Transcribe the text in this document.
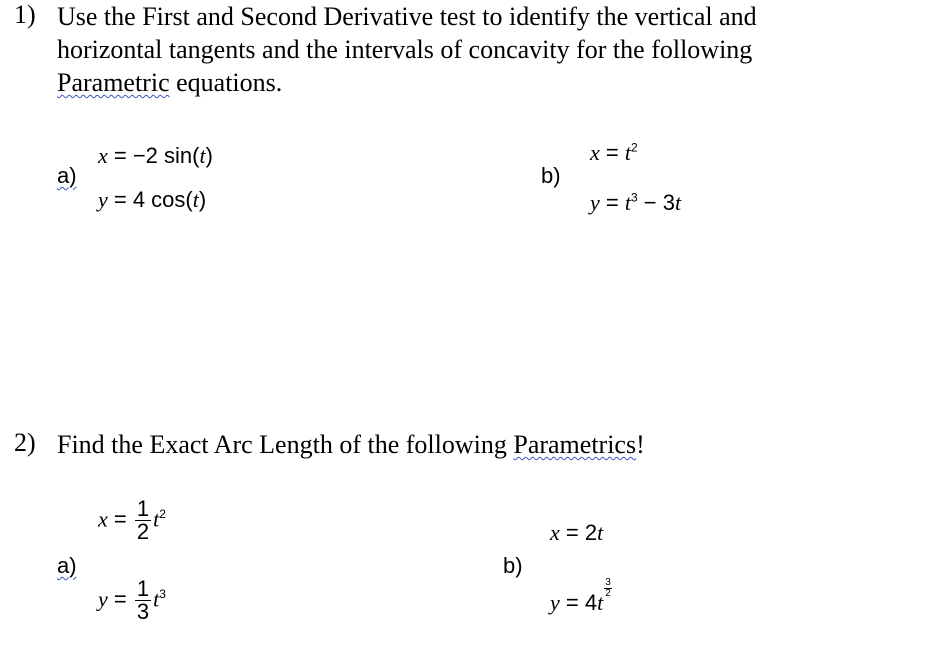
1) Use the First and Second Derivative test to identify the vertical and
horizontal tangents and the intervals of concavity for the following
Parametric equations.
a)
x = −2 sin(t)
y = 4 cos(t)
b)
$x = t^2$
$y = t^3 - 3t$
2) Find the Exact Arc Length of the following Parametrics!
a)
$x = \frac{1}{2} t^2$
$y = \frac{1}{3} t^3$
b)
x = 2t
y = 4t
$\frac{3}{2}$
